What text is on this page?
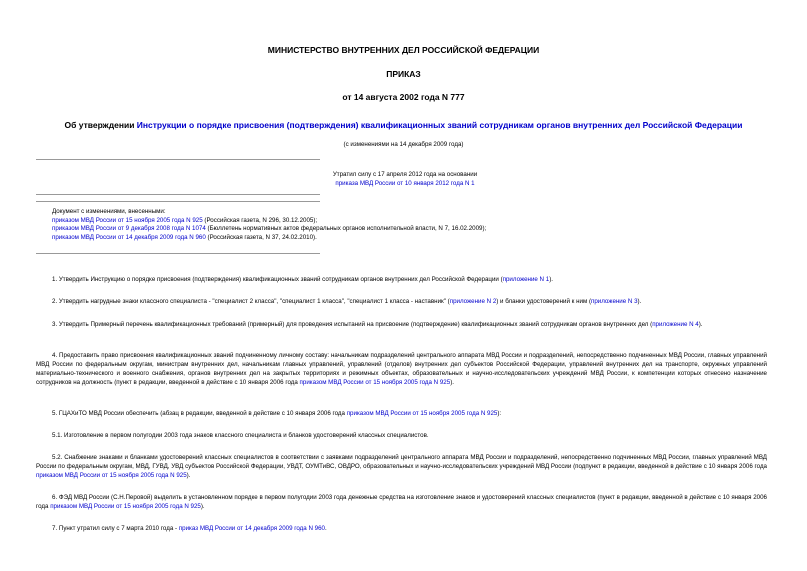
МИНИСТЕРСТВО ВНУТРЕННИХ ДЕЛ РОССИЙСКОЙ ФЕДЕРАЦИИ
ПРИКАЗ
от 14 августа 2002 года N 777
Об утверждении Инструкции о порядке присвоения (подтверждения) квалификационных званий сотрудникам органов внутренних дел Российской Федерации
(с изменениями на 14 декабря 2009 года)
Утратил силу с 17 апреля 2012 года на основании
приказа МВД России от 10 января 2012 года N 1
Документ с изменениями, внесенными:
приказом МВД России от 15 ноября 2005 года N 925 (Российская газета, N 296, 30.12.2005);
приказом МВД России от 9 декабря 2008 года N 1074 (Бюллетень нормативных актов федеральных органов исполнительной власти, N 7, 16.02.2009);
приказом МВД России от 14 декабря 2009 года N 960 (Российская газета, N 37, 24.02.2010).
1. Утвердить Инструкцию о порядке присвоения (подтверждения) квалификационных званий сотрудникам органов внутренних дел Российской Федерации (приложение N 1).
2. Утвердить нагрудные знаки классного специалиста - "специалист 2 класса", "специалист 1 класса", "специалист 1 класса - наставник" (приложение N 2) и бланки удостоверений к ним (приложение N 3).
3. Утвердить Примерный перечень квалификационных требований (примерный) для проведения испытаний на присвоение (подтверждение) квалификационных званий сотрудникам органов внутренних дел (приложение N 4).
4. Предоставить право присвоения квалификационных званий подчиненному личному составу: начальникам подразделений центрального аппарата МВД России и подразделений, непосредственно подчиненных МВД России, главных управлений МВД России по федеральным округам, министрам внутренних дел, начальникам главных управлений, управлений (отделов) внутренних дел субъектов Российской Федерации, управлений внутренних дел на транспорте, окружных управлений материально-технического и военного снабжения, органов внутренних дел на закрытых территориях и режимных объектах, образовательных и научно-исследовательских учреждений МВД России, к компетенции которых отнесено назначение сотрудников на должность (пункт в редакции, введенной в действие с 10 января 2006 года приказом МВД России от 15 ноября 2005 года N 925).
5. ГЦАХиТО МВД России обеспечить (абзац в редакции, введенной в действие с 10 января 2006 года приказом МВД России от 15 ноября 2005 года N 925):
5.1. Изготовление в первом полугодии 2003 года знаков классного специалиста и бланков удостоверений классных специалистов.
5.2. Снабжение знаками и бланками удостоверений классных специалистов в соответствии с заявками подразделений центрального аппарата МВД России и подразделений, непосредственно подчиненных МВД России, главных управлений МВД России по федеральным округам, МВД, ГУВД, УВД субъектов Российской Федерации, УВДТ, ОУМТиВС, ОВДРО, образовательных и научно-исследовательских учреждений МВД России (подпункт в редакции, введенной в действие с 10 января 2006 года приказом МВД России от 15 ноября 2005 года N 925).
6. ФЭД МВД России (С.Н.Перовой) выделить в установленном порядке в первом полугодии 2003 года денежные средства на изготовление знаков и удостоверений классных специалистов (пункт в редакции, введенной в действие с 10 января 2006 года приказом МВД России от 15 ноября 2005 года N 925).
7. Пункт утратил силу с 7 марта 2010 года - приказ МВД России от 14 декабря 2009 года N 960.
